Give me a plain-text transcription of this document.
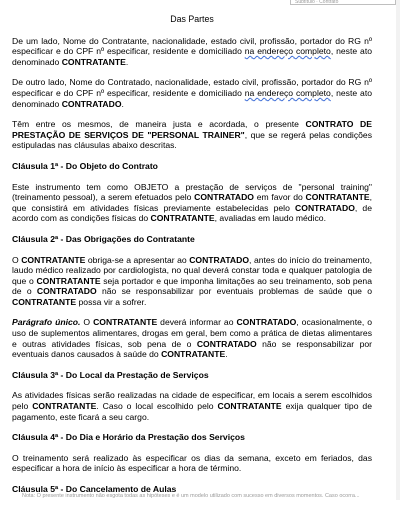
Subtítulo · Contrato
Das Partes

De um lado, Nome do Contratante, nacionalidade, estado civil, profissão, portador do RG nº especificar e do CPF nº especificar, residente e domiciliado na endereço completo, neste ato denominado CONTRATANTE.

De outro lado, Nome do Contratado, nacionalidade, estado civil, profissão, portador do RG nº especificar e do CPF nº especificar, residente e domiciliado na endereço completo, neste ato denominado CONTRATADO.

Têm entre os mesmos, de maneira justa e acordada, o presente CONTRATO DE PRESTAÇÃO DE SERVIÇOS DE "PERSONAL TRAINER", que se regerá pelas condições estipuladas nas cláusulas abaixo descritas.

Cláusula 1ª - Do Objeto do Contrato

Este instrumento tem como OBJETO a prestação de serviços de "personal training" (treinamento pessoal), a serem efetuados pelo CONTRATADO em favor do CONTRATANTE, que consistirá em atividades físicas previamente estabelecidas pelo CONTRATADO, de acordo com as condições físicas do CONTRATANTE, avaliadas em laudo médico.

Cláusula 2ª - Das Obrigações do Contratante

O CONTRATANTE obriga-se a apresentar ao CONTRATADO, antes do início do treinamento, laudo médico realizado por cardiologista, no qual deverá constar toda e qualquer patologia de que o CONTRATANTE seja portador e que imponha limitações ao seu treinamento, sob pena de o CONTRATADO não se responsabilizar por eventuais problemas de saúde que o CONTRATANTE possa vir a sofrer.

Parágrafo único. O CONTRATANTE deverá informar ao CONTRATADO, ocasionalmente, o uso de suplementos alimentares, drogas em geral, bem como a prática de dietas alimentares e outras atividades físicas, sob pena de o CONTRATADO não se responsabilizar por eventuais danos causados à saúde do CONTRATANTE.

Cláusula 3ª - Do Local da Prestação de Serviços

As atividades físicas serão realizadas na cidade de especificar, em locais a serem escolhidos pelo CONTRATANTE. Caso o local escolhido pelo CONTRATANTE exija qualquer tipo de pagamento, este ficará a seu cargo.

Cláusula 4ª - Do Dia e Horário da Prestação dos Serviços

O treinamento será realizado às especificar os dias da semana, exceto em feriados, das especificar a hora de início às especificar a hora de término.

Cláusula 5ª - Do Cancelamento de Aulas
Nota: O presente instrumento não esgota todas as hipóteses e é um modelo utilizado com sucesso em diversos momentos. Caso ocorra...
